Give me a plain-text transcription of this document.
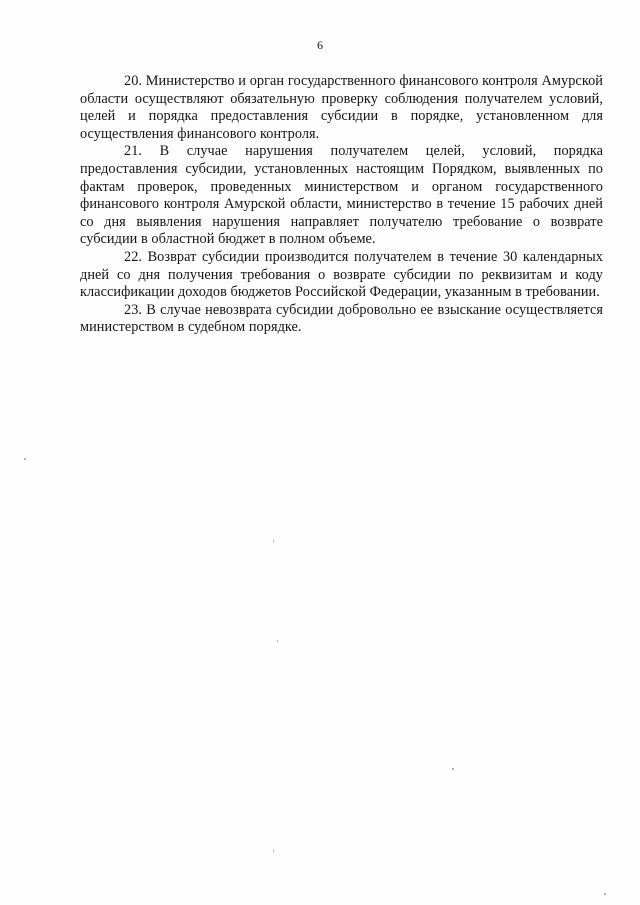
6

20. Министерство и орган государственного финансового контроля Амурской области осуществляют обязательную проверку соблюдения получателем условий, целей и порядка предоставления субсидии в порядке, установленном для осуществления финансового контроля.

21. В случае нарушения получателем целей, условий, порядка предоставления субсидии, установленных настоящим Порядком, выявленных по фактам проверок, проведенных министерством и органом государственного финансового контроля Амурской области, министерство в течение 15 рабочих дней со дня выявления нарушения направляет получателю требование о возврате субсидии в областной бюджет в полном объеме.

22. Возврат субсидии производится получателем в течение 30 календарных дней со дня получения требования о возврате субсидии по реквизитам и коду классификации доходов бюджетов Российской Федерации, указанным в требовании.

23. В случае невозврата субсидии добровольно ее взыскание осуществляется министерством в судебном порядке.
